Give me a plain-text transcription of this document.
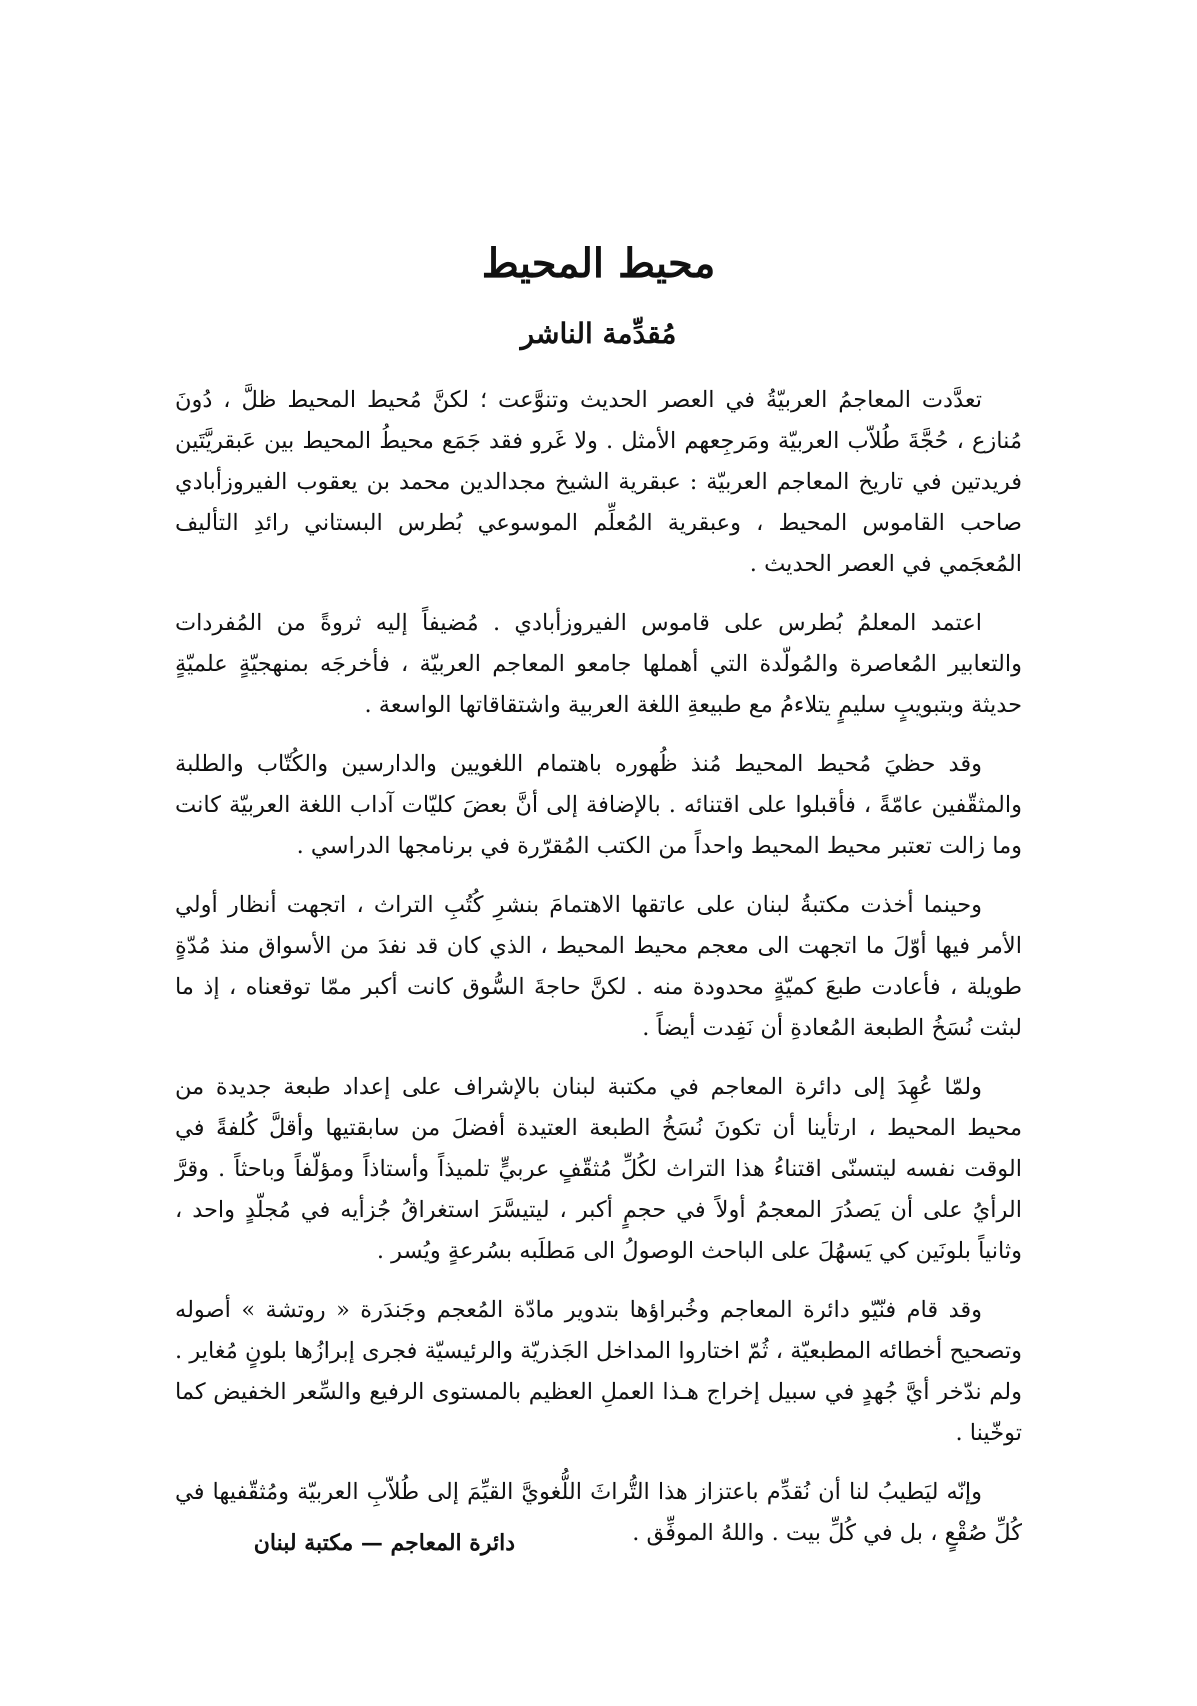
محيط المحيط
مُقدِّمة الناشر

تعدَّدت المعاجمُ العربيّةُ في العصر الحديث وتنوَّعت ؛ لكنَّ مُحيط المحيط ظلَّ ، دُونَ مُنازع ، حُجَّةَ طُلاّب العربيّة ومَرجِعهم الأمثل . ولا غَرو فقد جَمَع محيطُ المحيط بين عَبقريَّتَين فريدتين في تاريخ المعاجم العربيّة : عبقرية الشيخ مجدالدين محمد بن يعقوب الفيروزأبادي صاحب القاموس المحيط ، وعبقرية المُعلِّم الموسوعي بُطرس البستاني رائدِ التأليف المُعجَمي في العصر الحديث .

اعتمد المعلمُ بُطرس على قاموس الفيروزأبادي . مُضيفاً إليه ثروةً من المُفردات والتعابير المُعاصرة والمُولّدة التي أهملها جامعو المعاجم العربيّة ، فأخرجَه بمنهجيّةٍ علميّةٍ حديثة وبتبويبٍ سليمٍ يتلاءمُ مع طبيعةِ اللغة العربية واشتقاقاتها الواسعة .

وقد حظيَ مُحيط المحيط مُنذ ظُهوره باهتمام اللغويين والدارسين والكُتّاب والطلبة والمثقّفين عامّةً ، فأقبلوا على اقتنائه . بالإضافة إلى أنَّ بعضَ كليّات آداب اللغة العربيّة كانت وما زالت تعتبر محيط المحيط واحداً من الكتب المُقرّرة في برنامجها الدراسي .

وحينما أخذت مكتبةُ لبنان على عاتقها الاهتمامَ بنشرِ كُتُبِ التراث ، اتجهت أنظار أولي الأمر فيها أوّلَ ما اتجهت الى معجم محيط المحيط ، الذي كان قد نفدَ من الأسواق منذ مُدّةٍ طويلة ، فأعادت طبعَ كميّةٍ محدودة منه . لكنَّ حاجةَ السُّوق كانت أكبر ممّا توقعناه ، إذ ما لبثت نُسَخُ الطبعة المُعادةِ أن نَفِدت أيضاً .

ولمّا عُهِدَ إلى دائرة المعاجم في مكتبة لبنان بالإشراف على إعداد طبعة جديدة من محيط المحيط ، ارتأينا أن تكونَ نُسَخُ الطبعة العتيدة أفضلَ من سابقتيها وأقلَّ كُلفةً في الوقت نفسه ليتسنّى اقتناءُ هذا التراث لكُلِّ مُثقّفٍ عربيٍّ تلميذاً وأستاذاً ومؤلّفاً وباحثاً . وقرَّ الرأيُ على أن يَصدُرَ المعجمُ أولاً في حجمٍ أكبر ، ليتيسَّرَ استغراقُ جُزأيه في مُجلّدٍ واحد ، وثانياً بلونَين كي يَسهُلَ على الباحث الوصولُ الى مَطلَبه بسُرعةٍ ويُسر .

وقد قام فنّيّو دائرة المعاجم وخُبراؤها بتدوير مادّة المُعجم وجَندَرة « روتشة » أصوله وتصحيح أخطائه المطبعيّة ، ثُمّ اختاروا المداخل الجَذريّة والرئيسيّة فجرى إبرازُها بلونٍ مُغاير . ولم ندّخر أيَّ جُهدٍ في سبيل إخراج هـذا العملِ العظيم بالمستوى الرفيع والسِّعر الخفيض كما توخّينا .

وإنّه ليَطيبُ لنا أن نُقدِّم باعتزاز هذا التُّراثَ اللُّغويَّ القيِّمَ إلى طُلاّبِ العربيّة ومُثقّفيها في كُلِّ صُقْعٍ ، بل في كُلِّ بيت . واللهُ الموفِّق .

دائرة المعاجم — مكتبة لبنان
